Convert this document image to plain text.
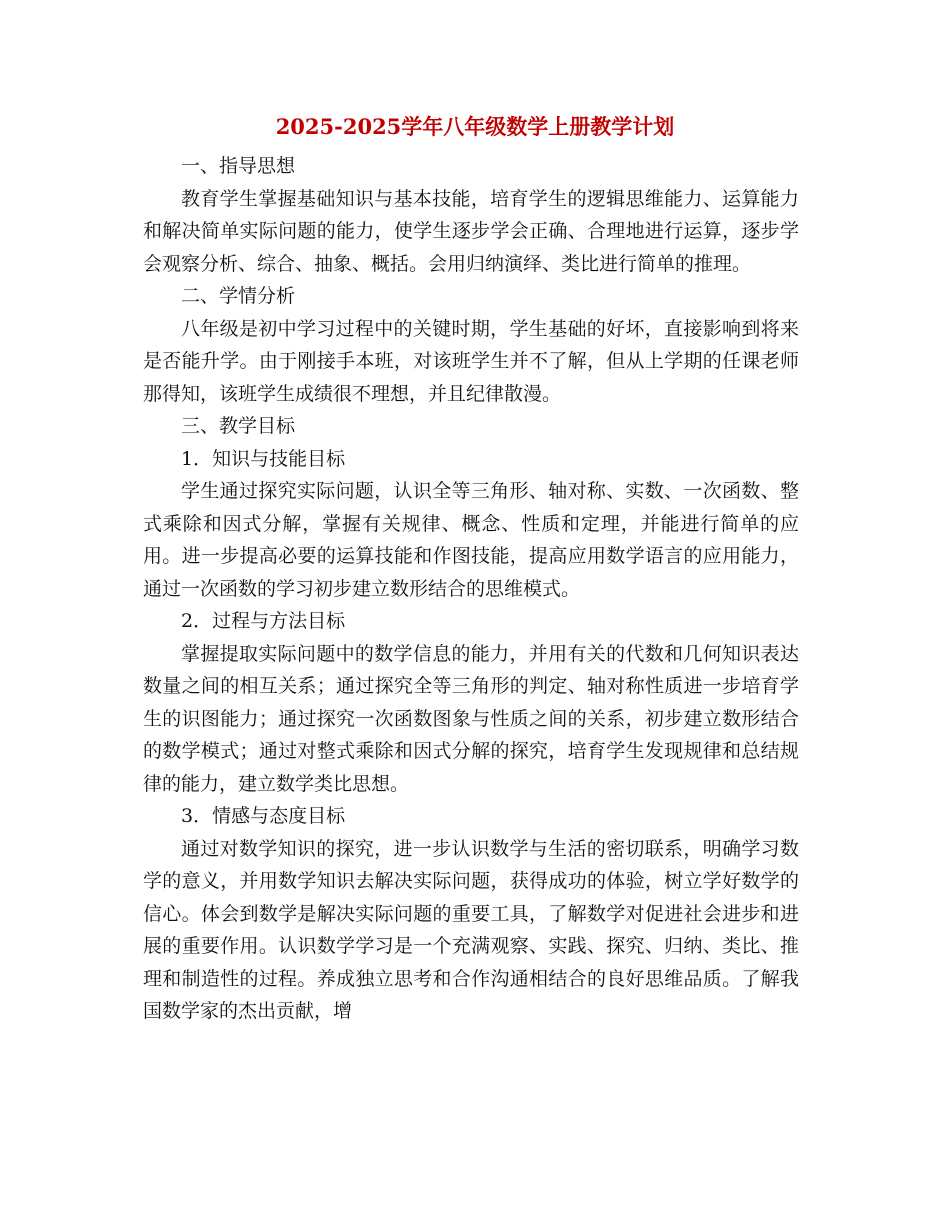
2025-2025学年八年级数学上册教学计划

一、指导思想

教育学生掌握基础知识与基本技能，培育学生的逻辑思维能力、运算能力和解决简单实际问题的能力，使学生逐步学会正确、合理地进行运算，逐步学会观察分析、综合、抽象、概括。会用归纳演绎、类比进行简单的推理。

二、学情分析

八年级是初中学习过程中的关键时期，学生基础的好坏，直接影响到将来是否能升学。由于刚接手本班，对该班学生并不了解，但从上学期的任课老师那得知，该班学生成绩很不理想，并且纪律散漫。

三、教学目标

1．知识与技能目标

学生通过探究实际问题，认识全等三角形、轴对称、实数、一次函数、整式乘除和因式分解，掌握有关规律、概念、性质和定理，并能进行简单的应用。进一步提高必要的运算技能和作图技能，提高应用数学语言的应用能力，通过一次函数的学习初步建立数形结合的思维模式。

2．过程与方法目标

掌握提取实际问题中的数学信息的能力，并用有关的代数和几何知识表达数量之间的相互关系；通过探究全等三角形的判定、轴对称性质进一步培育学生的识图能力；通过探究一次函数图象与性质之间的关系，初步建立数形结合的数学模式；通过对整式乘除和因式分解的探究，培育学生发现规律和总结规律的能力，建立数学类比思想。

3．情感与态度目标

通过对数学知识的探究，进一步认识数学与生活的密切联系，明确学习数学的意义，并用数学知识去解决实际问题，获得成功的体验，树立学好数学的信心。体会到数学是解决实际问题的重要工具，了解数学对促进社会进步和进展的重要作用。认识数学学习是一个充满观察、实践、探究、归纳、类比、推理和制造性的过程。养成独立思考和合作沟通相结合的良好思维品质。了解我国数学家的杰出贡献，增
